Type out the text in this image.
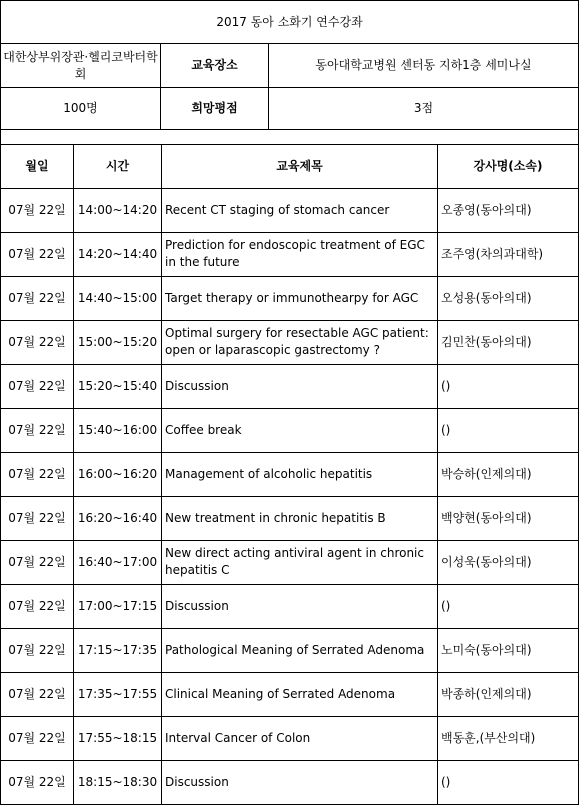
2017 동아 소화기 연수강좌		
대한상부위장관·헬리코박터학회	교육장소	동아대학교병원 센터동 지하1층 세미나실
100명	희망평점	3점

월일	시간	교육제목	강사명(소속)
07월 22일	14:00~14:20	Recent CT staging of stomach cancer	오종영(동아의대)
07월 22일	14:20~14:40	Prediction for endoscopic treatment of EGC in the future	조주영(차의과대학)
07월 22일	14:40~15:00	Target therapy or immunothearpy for AGC	오성용(동아의대)
07월 22일	15:00~15:20	Optimal surgery for resectable AGC patient: open or laparascopic gastrectomy ?	김민찬(동아의대)
07월 22일	15:20~15:40	Discussion	()
07월 22일	15:40~16:00	Coffee break	()
07월 22일	16:00~16:20	Management of alcoholic hepatitis	박승하(인제의대)
07월 22일	16:20~16:40	New treatment in chronic hepatitis B	백양현(동아의대)
07월 22일	16:40~17:00	New direct acting antiviral agent in chronic hepatitis C	이성욱(동아의대)
07월 22일	17:00~17:15	Discussion	()
07월 22일	17:15~17:35	Pathological Meaning of Serrated Adenoma	노미숙(동아의대)
07월 22일	17:35~17:55	Clinical Meaning of Serrated Adenoma	박종하(인제의대)
07월 22일	17:55~18:15	Interval Cancer of Colon	백동훈,(부산의대)
07월 22일	18:15~18:30	Discussion	()
